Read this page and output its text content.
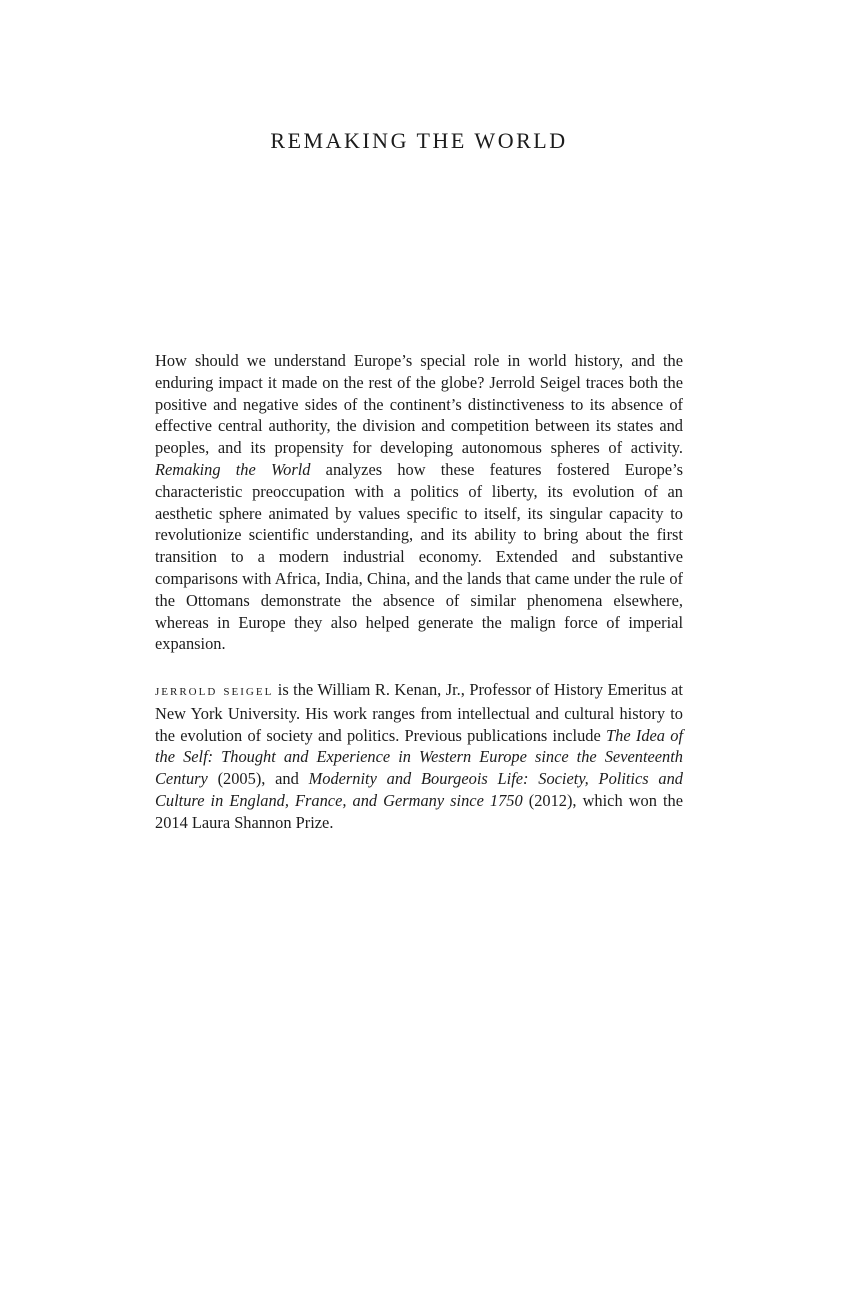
REMAKING THE WORLD

How should we understand Europe’s special role in world history, and the enduring impact it made on the rest of the globe? Jerrold Seigel traces both the positive and negative sides of the continent’s distinctiveness to its absence of effective central authority, the division and competition between its states and peoples, and its propensity for developing autonomous spheres of activity. Remaking the World analyzes how these features fostered Europe’s characteristic preoccupation with a politics of liberty, its evolution of an aesthetic sphere animated by values specific to itself, its singular capacity to revolutionize scientific understanding, and its ability to bring about the first transition to a modern industrial economy. Extended and substantive comparisons with Africa, India, China, and the lands that came under the rule of the Ottomans demonstrate the absence of similar phenomena elsewhere, whereas in Europe they also helped generate the malign force of imperial expansion.

jerrold seigel is the William R. Kenan, Jr., Professor of History Emeritus at New York University. His work ranges from intellectual and cultural history to the evolution of society and politics. Previous publications include The Idea of the Self: Thought and Experience in Western Europe since the Seventeenth Century (2005), and Modernity and Bourgeois Life: Society, Politics and Culture in England, France, and Germany since 1750 (2012), which won the 2014 Laura Shannon Prize.
